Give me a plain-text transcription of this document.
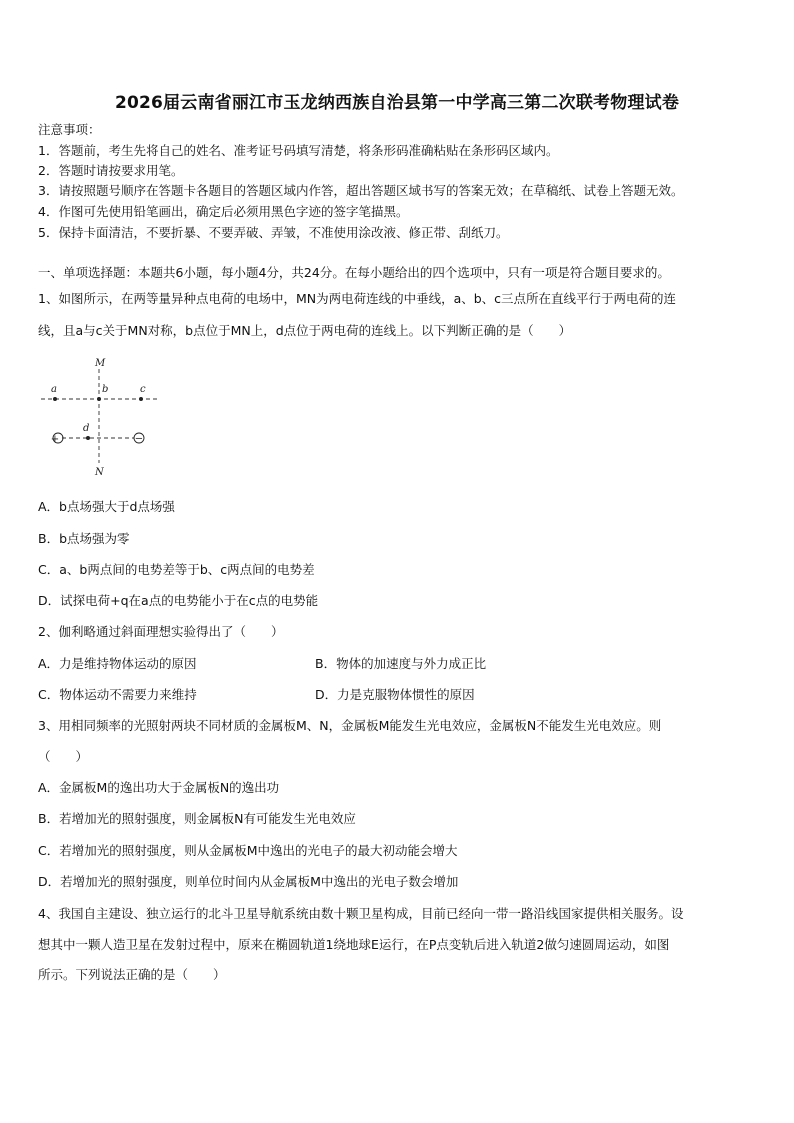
2026届云南省丽江市玉龙纳西族自治县第一中学高三第二次联考物理试卷
注意事项：
1．答题前，考生先将自己的姓名、准考证号码填写清楚，将条形码准确粘贴在条形码区域内。
2．答题时请按要求用笔。
3．请按照题号顺序在答题卡各题目的答题区域内作答，超出答题区域书写的答案无效；在草稿纸、试卷上答题无效。
4．作图可先使用铅笔画出，确定后必须用黑色字迹的签字笔描黑。
5．保持卡面清洁，不要折暴、不要弄破、弄皱，不准使用涂改液、修正带、刮纸刀。
一、单项选择题：本题共6小题，每小题4分，共24分。在每小题给出的四个选项中，只有一项是符合题目要求的。
1、如图所示，在两等量异种点电荷的电场中，MN为两电荷连线的中垂线，a、b、c三点所在直线平行于两电荷的连
线，且a与c关于MN对称，b点位于MN上，d点位于两电荷的连线上。以下判断正确的是（　　）
+	−
M
N
a	b	c
d
A．b点场强大于d点场强
B．b点场强为零
C．a、b两点间的电势差等于b、c两点间的电势差
D．试探电荷+q在a点的电势能小于在c点的电势能
2、伽利略通过斜面理想实验得出了（　　）
A．力是维持物体运动的原因	B．物体的加速度与外力成正比
C．物体运动不需要力来维持	D．力是克服物体惯性的原因
3、用相同频率的光照射两块不同材质的金属板M、N，金属板M能发生光电效应，金属板N不能发生光电效应。则
（　　）
A．金属板M的逸出功大于金属板N的逸出功
B．若增加光的照射强度，则金属板N有可能发生光电效应
C．若增加光的照射强度，则从金属板M中逸出的光电子的最大初动能会增大
D．若增加光的照射强度，则单位时间内从金属板M中逸出的光电子数会增加
4、我国自主建设、独立运行的北斗卫星导航系统由数十颗卫星构成，目前已经向一带一路沿线国家提供相关服务。设
想其中一颗人造卫星在发射过程中，原来在椭圆轨道1绕地球E运行，在P点变轨后进入轨道2做匀速圆周运动，如图
所示。下列说法正确的是（　　）
